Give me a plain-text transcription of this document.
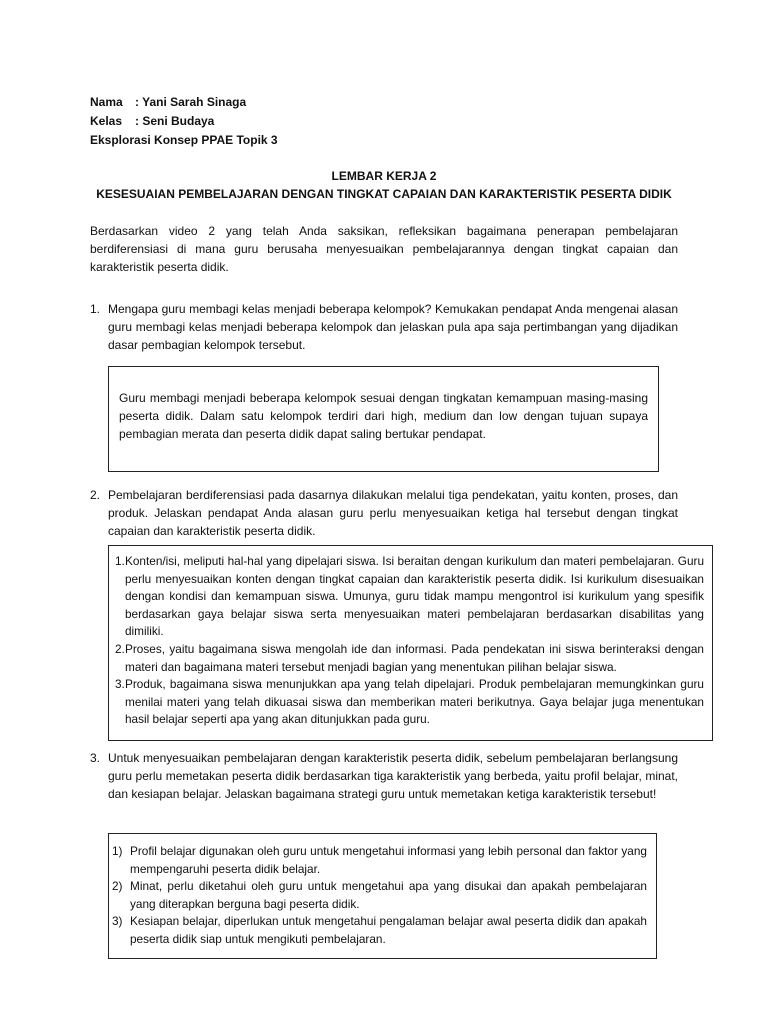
Nama	: Yani Sarah Sinaga
Kelas	: Seni Budaya
Eksplorasi Konsep PPAE Topik 3
LEMBAR KERJA 2
KESESUAIAN PEMBELAJARAN DENGAN TINGKAT CAPAIAN DAN KARAKTERISTIK PESERTA DIDIK
Berdasarkan video 2 yang telah Anda saksikan, refleksikan bagaimana penerapan pembelajaran berdiferensiasi di mana guru berusaha menyesuaikan pembelajarannya dengan tingkat capaian dan karakteristik peserta didik.
1. Mengapa guru membagi kelas menjadi beberapa kelompok? Kemukakan pendapat Anda mengenai alasan guru membagi kelas menjadi beberapa kelompok dan jelaskan pula apa saja pertimbangan yang dijadikan dasar pembagian kelompok tersebut.

Guru membagi menjadi beberapa kelompok sesuai dengan tingkatan kemampuan masing-masing peserta didik. Dalam satu kelompok terdiri dari high, medium dan low dengan tujuan supaya pembagian merata dan peserta didik dapat saling bertukar pendapat.

2. Pembelajaran berdiferensiasi pada dasarnya dilakukan melalui tiga pendekatan, yaitu konten, proses, dan produk. Jelaskan pendapat Anda alasan guru perlu menyesuaikan ketiga hal tersebut dengan tingkat capaian dan karakteristik peserta didik.
1. Konten/isi, meliputi hal-hal yang dipelajari siswa. Isi beraitan dengan kurikulum dan materi pembelajaran. Guru perlu menyesuaikan konten dengan tingkat capaian dan karakteristik peserta didik. Isi kurikulum disesuaikan dengan kondisi dan kemampuan siswa. Umunya, guru tidak mampu mengontrol isi kurikulum yang spesifik berdasarkan gaya belajar siswa serta menyesuaikan materi pembelajaran berdasarkan disabilitas yang dimiliki.
2. Proses, yaitu bagaimana siswa mengolah ide dan informasi. Pada pendekatan ini siswa berinteraksi dengan materi dan bagaimana materi tersebut menjadi bagian yang menentukan pilihan belajar siswa.
3. Produk, bagaimana siswa menunjukkan apa yang telah dipelajari. Produk pembelajaran memungkinkan guru menilai materi yang telah dikuasai siswa dan memberikan materi berikutnya. Gaya belajar juga menentukan hasil belajar seperti apa yang akan ditunjukkan pada guru.
3. Untuk menyesuaikan pembelajaran dengan karakteristik peserta didik, sebelum pembelajaran berlangsung guru perlu memetakan peserta didik berdasarkan tiga karakteristik yang berbeda, yaitu profil belajar, minat, dan kesiapan belajar. Jelaskan bagaimana strategi guru untuk memetakan ketiga karakteristik tersebut!
1) Profil belajar digunakan oleh guru untuk mengetahui informasi yang lebih personal dan faktor yang mempengaruhi peserta didik belajar.
2) Minat, perlu diketahui oleh guru untuk mengetahui apa yang disukai dan apakah pembelajaran yang diterapkan berguna bagi peserta didik.
3) Kesiapan belajar, diperlukan untuk mengetahui pengalaman belajar awal peserta didik dan apakah peserta didik siap untuk mengikuti pembelajaran.
